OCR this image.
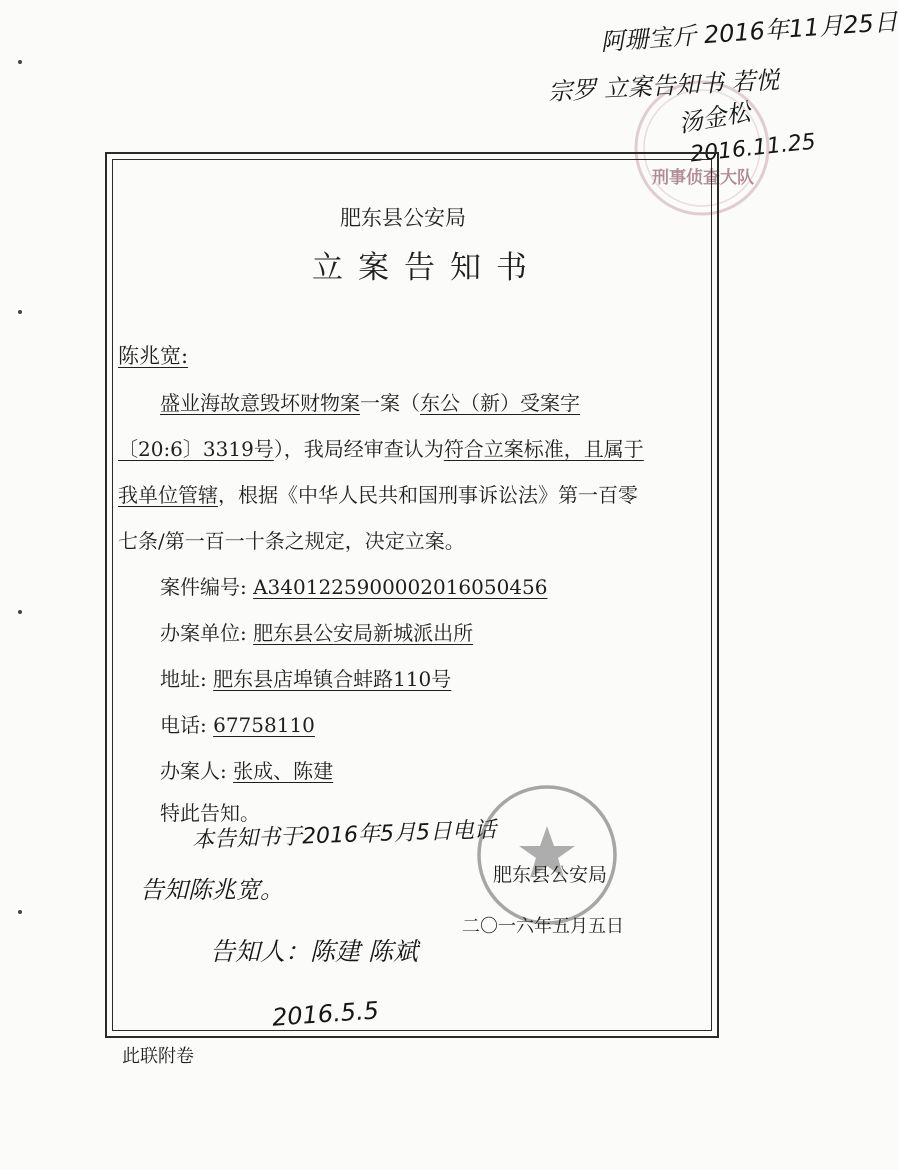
刑事侦查大队
阿珊宝斤 2016年11月25日
宗罗 立案告知书 若悦
汤金松
2016.11.25
肥东县公安局
立案告知书
陈兆宽:
盛业海故意毁坏财物案一案（东公（新）受案字
〔20:6〕3319号），我局经审查认为符合立案标准，且属于
我单位管辖，根据《中华人民共和国刑事诉讼法》第一百零
七条/第一百一十条之规定，决定立案。
案件编号: A3401225900002016050456
办案单位: 肥东县公安局新城派出所
地址: 肥东县店埠镇合蚌路110号
电话: 67758110
办案人: 张成、陈建
特此告知。
肥东县公安局
二〇一六年五月五日
本告知书于2016年5月5日电话
告知陈兆宽。
告知人：陈建 陈斌
2016.5.5
此联附卷
